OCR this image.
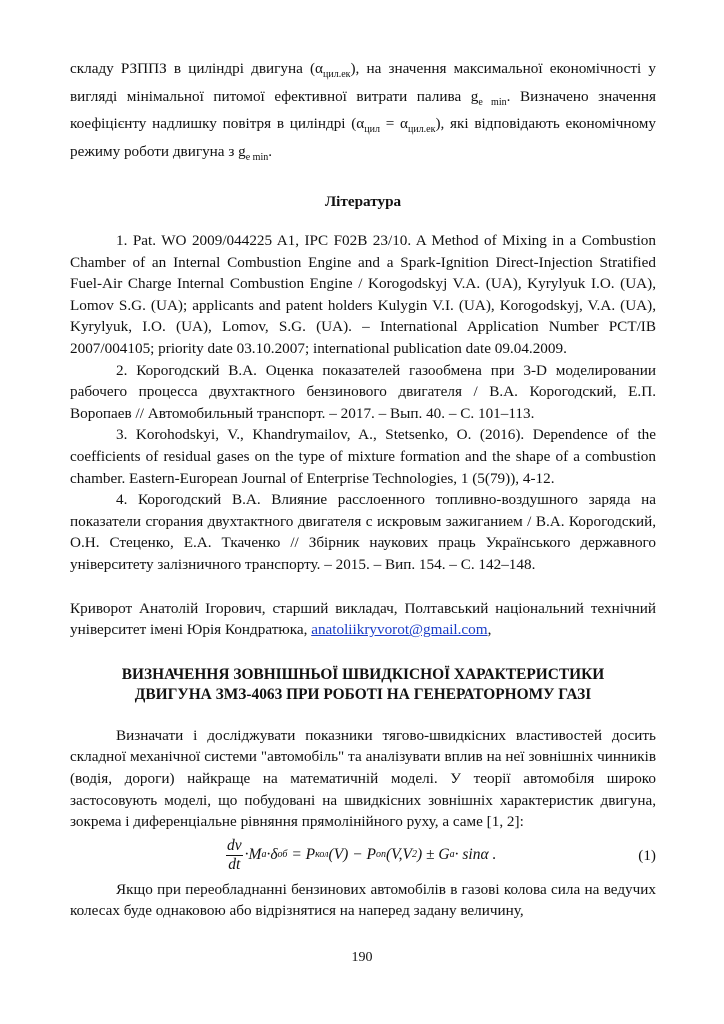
складу РЗППЗ в циліндрі двигуна $(\alpha_{цил.ек})$, на значення максимальної економічності у вигляді мінімальної питомої ефективної витрати палива $g_{e min}$. Визначено значення коефіцієнту надлишку повітря в циліндрі $(\alpha_{цил} = \alpha_{цил.ек})$, які відповідають економічному режиму роботи двигуна з $g_{e min}$.

Література

1. Pat. WO 2009/044225 A1, IPC F02B 23/10. A Method of Mixing in a Combustion Chamber of an Internal Combustion Engine and a Spark-Ignition Direct-Injection Stratified Fuel-Air Charge Internal Combustion Engine / Korogodskyj V.A. (UA), Kyrylyuk I.O. (UA), Lomov S.G. (UA); applicants and patent holders Kulygin V.I. (UA), Korogodskyj, V.A. (UA), Kyrylyuk, I.O. (UA), Lomov, S.G. (UA). – International Application Number PCT/IB 2007/004105; priority date 03.10.2007; international publication date 09.04.2009.

2. Корогодский В.А. Оценка показателей газообмена при 3-D моделировании рабочего процесса двухтактного бензинового двигателя / В.А. Корогодский, Е.П. Воропаев // Автомобильный транспорт. – 2017. – Вып. 40. – С. 101–113.

3. Korohodskyi, V., Khandrymailov, A., Stetsenko, O. (2016). Dependence of the coefficients of residual gases on the type of mixture formation and the shape of a combustion chamber. Eastern-European Journal of Enterprise Technologies, 1 (5(79)), 4-12.

4. Корогодский В.А. Влияние расслоенного топливно-воздушного заряда на показатели сгорания двухтактного двигателя с искровым зажиганием / В.А. Корогодский, О.Н. Стеценко, Е.А. Ткаченко // Збірник наукових праць Українського державного університету залізничного транспорту. – 2015. – Вип. 154. – С. 142–148.

Криворот Анатолій Ігорович, старший викладач, Полтавський національний технічний університет імені Юрія Кондратюка, anatoliikryvorot@gmail.com,

ВИЗНАЧЕННЯ ЗОВНІШНЬОЇ ШВИДКІСНОЇ ХАРАКТЕРИСТИКИ ДВИГУНА ЗМЗ-4063 ПРИ РОБОТІ НА ГЕНЕРАТОРНОМУ ГАЗІ

Визначати і досліджувати показники тягово-швидкісних властивостей досить складної механічної системи "автомобіль" та аналізувати вплив на неї зовнішніх чинників (водія, дороги) найкраще на математичній моделі. У теорії автомобіля широко застосовують моделі, що побудовані на швидкісних зовнішніх характеристик двигуна, зокрема і диференціальне рівняння прямолінійного руху, а саме [1, 2]:

$\frac{dv}{dt} \cdot M$ a ·δ об = P кол (V) − P оп (V,V 2 ) ± G a · sinα .	(1)

Якщо при переобладнанні бензинових автомобілів в газові колова сила на ведучих колесах буде однаковою або відрізнятися на наперед задану величину,

190
